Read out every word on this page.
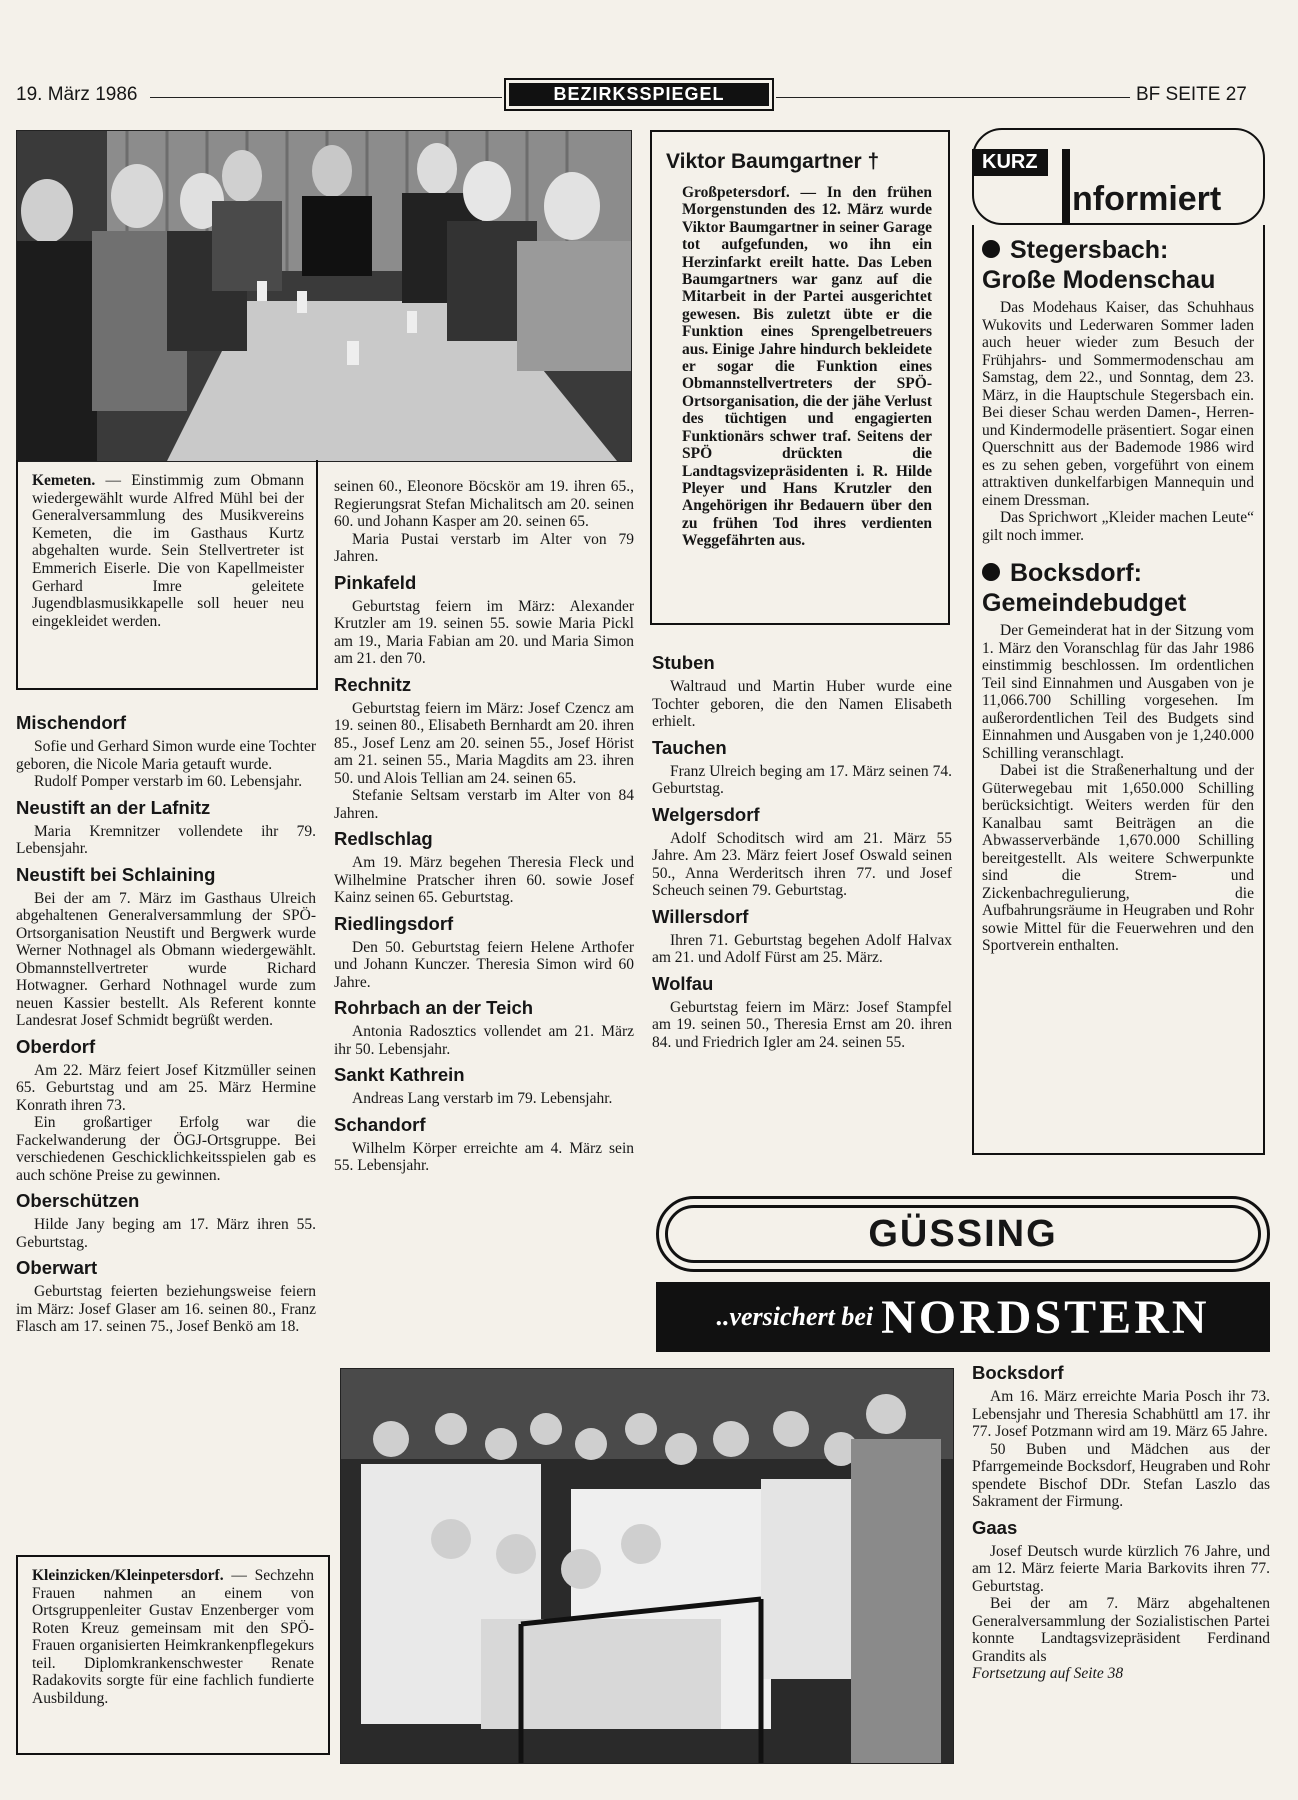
19. März 1986	BEZIRKSSPIEGEL	BF SEITE 27

Kemeten. — Einstimmig zum Obmann wiedergewählt wurde Alfred Mühl bei der Generalversammlung des Musikvereins Kemeten, die im Gasthaus Kurtz abgehalten wurde. Sein Stellvertreter ist Emmerich Eiserle. Die von Kapellmeister Gerhard Imre geleitete Jugendblasmusikkapelle soll heuer neu eingekleidet werden.

Mischendorf

Sofie und Gerhard Simon wurde eine Tochter geboren, die Nicole Maria getauft wurde.

Rudolf Pomper verstarb im 60. Lebensjahr.

Neustift an der Lafnitz

Maria Kremnitzer vollendete ihr 79. Lebensjahr.

Neustift bei Schlaining

Bei der am 7. März im Gasthaus Ulreich abgehaltenen Generalversammlung der SPÖ-Ortsorganisation Neustift und Bergwerk wurde Werner Nothnagel als Obmann wiedergewählt. Obmannstellvertreter wurde Richard Hotwagner. Gerhard Nothnagel wurde zum neuen Kassier bestellt. Als Referent konnte Landesrat Josef Schmidt begrüßt werden.

Oberdorf

Am 22. März feiert Josef Kitzmüller seinen 65. Geburtstag und am 25. März Hermine Konrath ihren 73.

Ein großartiger Erfolg war die Fackelwanderung der ÖGJ-Ortsgruppe. Bei verschiedenen Geschicklichkeitsspielen gab es auch schöne Preise zu gewinnen.

Oberschützen

Hilde Jany beging am 17. März ihren 55. Geburtstag.

Oberwart

Geburtstag feierten beziehungsweise feiern im März: Josef Glaser am 16. seinen 80., Franz Flasch am 17. seinen 75., Josef Benkö am 18.

Kleinzicken/Kleinpetersdorf. — Sechzehn Frauen nahmen an einem von Ortsgruppenleiter Gustav Enzenberger vom Roten Kreuz gemeinsam mit den SPÖ-Frauen organisierten Heimkrankenpflegekurs teil. Diplomkrankenschwester Renate Radakovits sorgte für eine fachlich fundierte Ausbildung.

seinen 60., Eleonore Böcskör am 19. ihren 65., Regierungsrat Stefan Michalitsch am 20. seinen 60. und Johann Kasper am 20. seinen 65.

Maria Pustai verstarb im Alter von 79 Jahren.

Pinkafeld

Geburtstag feiern im März: Alexander Krutzler am 19. seinen 55. sowie Maria Pickl am 19., Maria Fabian am 20. und Maria Simon am 21. den 70.

Rechnitz

Geburtstag feiern im März: Josef Czencz am 19. seinen 80., Elisabeth Bernhardt am 20. ihren 85., Josef Lenz am 20. seinen 55., Josef Hörist am 21. seinen 55., Maria Magdits am 23. ihren 50. und Alois Tellian am 24. seinen 65.

Stefanie Seltsam verstarb im Alter von 84 Jahren.

Redlschlag

Am 19. März begehen Theresia Fleck und Wilhelmine Pratscher ihren 60. sowie Josef Kainz seinen 65. Geburtstag.

Riedlingsdorf

Den 50. Geburtstag feiern Helene Arthofer und Johann Kunczer. Theresia Simon wird 60 Jahre.

Rohrbach an der Teich

Antonia Radosztics vollendet am 21. März ihr 50. Lebensjahr.

Sankt Kathrein

Andreas Lang verstarb im 79. Lebensjahr.

Schandorf

Wilhelm Körper erreichte am 4. März sein 55. Lebensjahr.

Viktor Baumgartner †

Großpetersdorf. — In den frühen Morgenstunden des 12. März wurde Viktor Baumgartner in seiner Garage tot aufgefunden, wo ihn ein Herzinfarkt ereilt hatte. Das Leben Baumgartners war ganz auf die Mitarbeit in der Partei ausgerichtet gewesen. Bis zuletzt übte er die Funktion eines Sprengelbetreuers aus. Einige Jahre hindurch bekleidete er sogar die Funktion eines Obmannstellvertreters der SPÖ-Ortsorganisation, die der jähe Verlust des tüchtigen und engagierten Funktionärs schwer traf. Seitens der SPÖ drückten die Landtagsvizepräsidenten i. R. Hilde Pleyer und Hans Krutzler den Angehörigen ihr Bedauern über den zu frühen Tod ihres verdienten Weggefährten aus.

Stuben

Waltraud und Martin Huber wurde eine Tochter geboren, die den Namen Elisabeth erhielt.

Tauchen

Franz Ulreich beging am 17. März seinen 74. Geburtstag.

Welgersdorf

Adolf Schoditsch wird am 21. März 55 Jahre. Am 23. März feiert Josef Oswald seinen 50., Anna Werderitsch ihren 77. und Josef Scheuch seinen 79. Geburtstag.

Willersdorf

Ihren 71. Geburtstag begehen Adolf Halvax am 21. und Adolf Fürst am 25. März.

Wolfau

Geburtstag feiern im März: Josef Stampfel am 19. seinen 50., Theresia Ernst am 20. ihren 84. und Friedrich Igler am 24. seinen 55.

KURZ
nformiert
Stegersbach:
Große Modenschau

Das Modehaus Kaiser, das Schuhhaus Wukovits und Lederwaren Sommer laden auch heuer wieder zum Besuch der Frühjahrs- und Sommermodenschau am Samstag, dem 22., und Sonntag, dem 23. März, in die Hauptschule Stegersbach ein. Bei dieser Schau werden Damen-, Herren- und Kindermodelle präsentiert. Sogar einen Querschnitt aus der Bademode 1986 wird es zu sehen geben, vorgeführt von einem attraktiven dunkelfarbigen Mannequin und einem Dressman.

Das Sprichwort „Kleider machen Leute“ gilt noch immer.

Bocksdorf:
Gemeindebudget

Der Gemeinderat hat in der Sitzung vom 1. März den Voranschlag für das Jahr 1986 einstimmig beschlossen. Im ordentlichen Teil sind Einnahmen und Ausgaben von je 11,066.700 Schilling vorgesehen. Im außerordentlichen Teil des Budgets sind Einnahmen und Ausgaben von je 1,240.000 Schilling veranschlagt.

Dabei ist die Straßenerhaltung und der Güterwegebau mit 1,650.000 Schilling berücksichtigt. Weiters werden für den Kanalbau samt Beiträgen an die Abwasserverbände 1,670.000 Schilling bereitgestellt. Als weitere Schwerpunkte sind die Strem- und Zickenbachregulierung, die Aufbahrungsräume in Heugraben und Rohr sowie Mittel für die Feuerwehren und den Sportverein enthalten.

GÜSSING
..versichert bei NORDSTERN
Bocksdorf

Am 16. März erreichte Maria Posch ihr 73. Lebensjahr und Theresia Schabhüttl am 17. ihr 77. Josef Potzmann wird am 19. März 65 Jahre.

50 Buben und Mädchen aus der Pfarrgemeinde Bocksdorf, Heugraben und Rohr spendete Bischof DDr. Stefan Laszlo das Sakrament der Firmung.

Gaas

Josef Deutsch wurde kürzlich 76 Jahre, und am 12. März feierte Maria Barkovits ihren 77. Geburtstag.

Bei der am 7. März abgehaltenen Generalversammlung der Sozialistischen Partei konnte Landtagsvizepräsident Ferdinand Grandits als

Fortsetzung auf Seite 38
